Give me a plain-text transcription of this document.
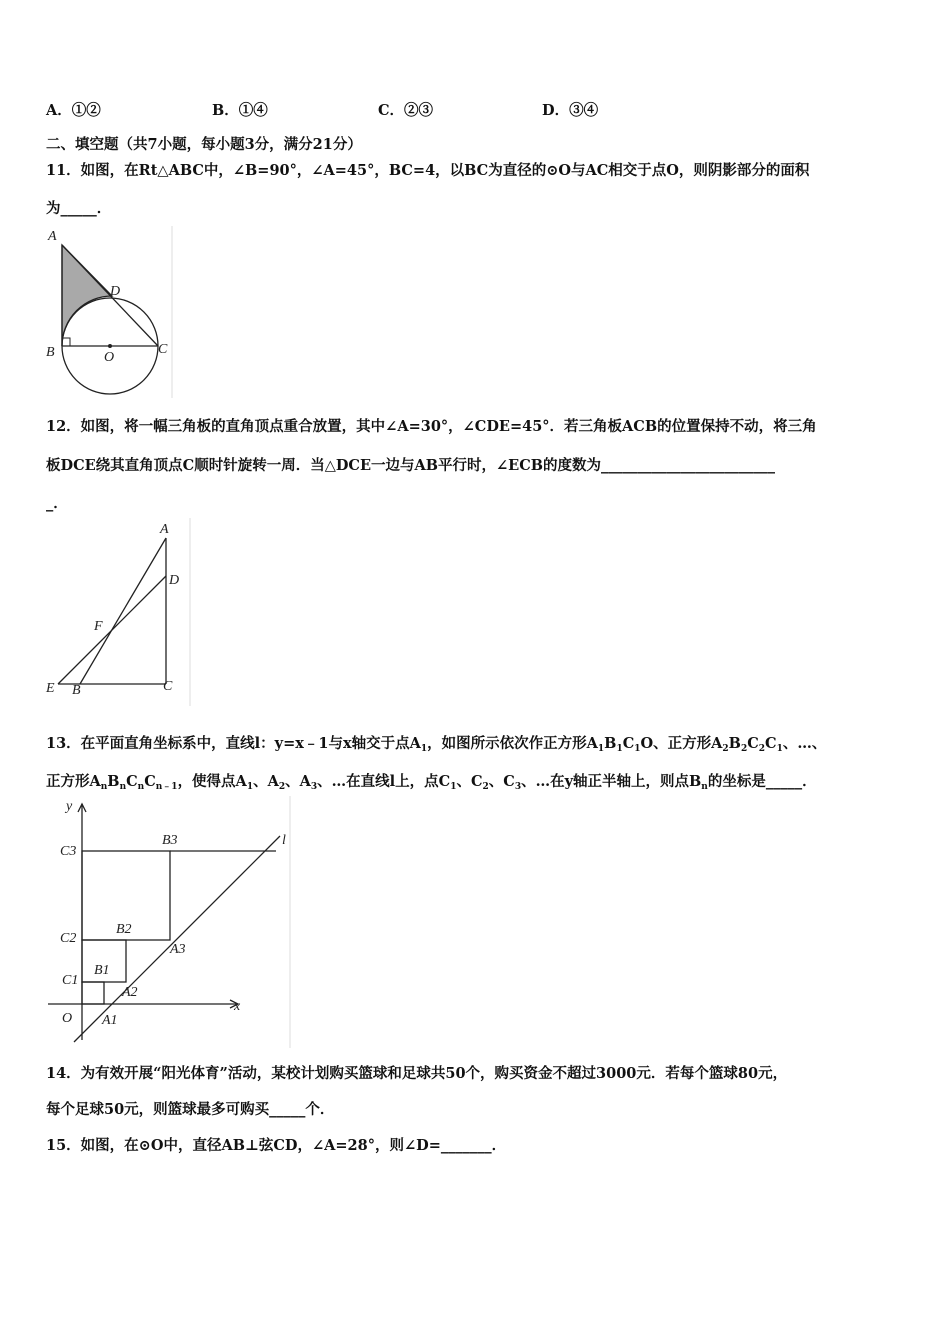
A．①②	B．①④	C．②③	D．③④
二、填空题（共7小题，每小题3分，满分21分）
11．如图，在Rt△ABC中，∠B=90°，∠A=45°，BC=4，以BC为直径的⊙O与AC相交于点O，则阴影部分的面积
为_____．
A
D
B	O
C
12．如图，将一幅三角板的直角顶点重合放置，其中∠A=30°，∠CDE=45°．若三角板ACB的位置保持不动，将三角
板DCE绕其直角顶点C顺时针旋转一周．当△DCE一边与AB平行时，∠ECB的度数为________________________
_．
A
D
F
E B	C
13．在平面直角坐标系中，直线l：y=x﹣1与x轴交于点$A_1$，如图所示依次作正方形$A_1B_1C_1O$、正方形$A_2B_2C_2C_1$、…、
正方形$A_nB_nC_nC_{n﹣1}$，使得点$A_1$、$A_2$、$A_3$、…在直线l上，点$C_1$、$C_2$、$C_3$、…在y轴正半轴上，则点$B_n$的坐标是_____．
y
x
l
O
C3
B3
C2
B2
A3
C1
B1
A2
A1
14．为有效开展“阳光体育”活动，某校计划购买篮球和足球共50个，购买资金不超过3000元．若每个篮球80元，
每个足球50元，则篮球最多可购买_____个．
15．如图，在⊙O中，直径AB⊥弦CD，∠A=28°，则∠D=_______．
